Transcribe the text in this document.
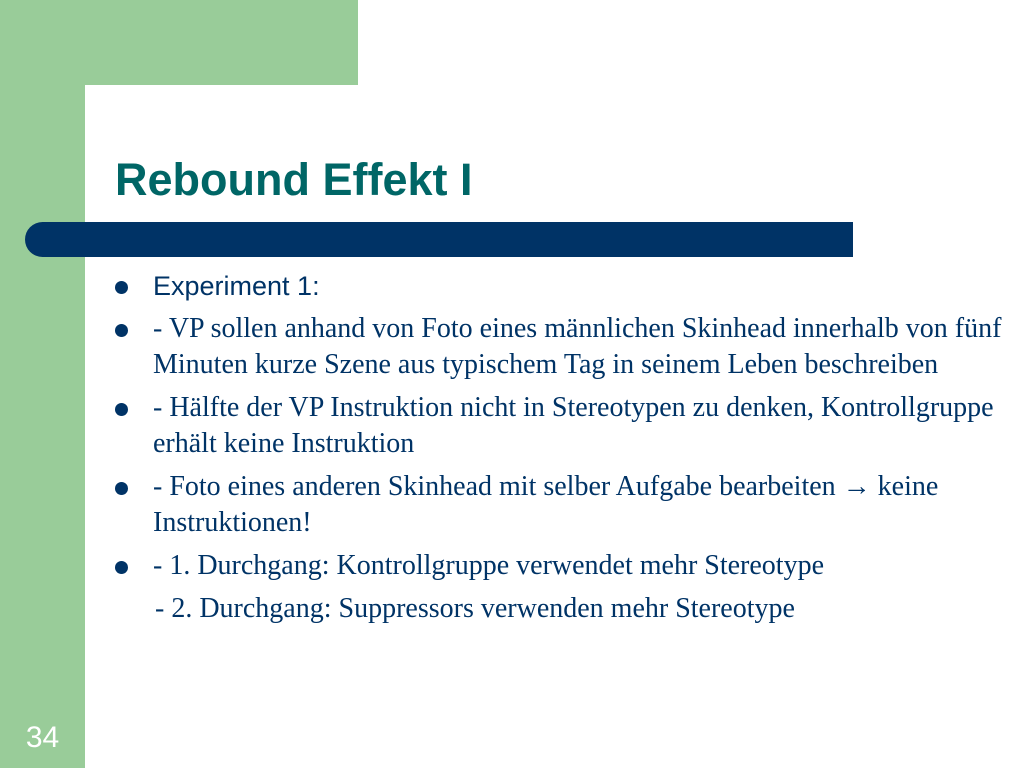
Rebound Effekt I
Experiment 1:
- VP sollen anhand von Foto eines männlichen Skinhead innerhalb von fünf Minuten kurze Szene aus typischem Tag in seinem Leben beschreiben
- Hälfte der VP Instruktion nicht in Stereotypen zu denken, Kontrollgruppe erhält keine Instruktion
- Foto eines anderen Skinhead mit selber Aufgabe bearbeiten → keine Instruktionen!
- 1. Durchgang: Kontrollgruppe verwendet mehr Stereotype
- 2. Durchgang: Suppressors verwenden mehr Stereotype
34
